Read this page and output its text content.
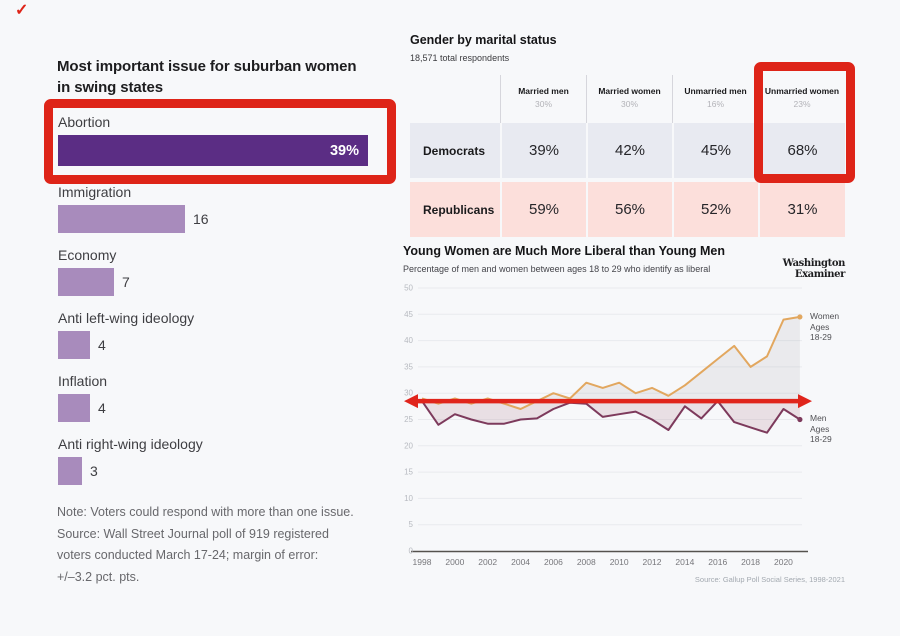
✓
Most important issue for suburban women
in swing states
Abortion
39%
Immigration
16
Economy
7
Anti left-wing ideology
4
Inflation
4
Anti right-wing ideology
3
Note: Voters could respond with more than one issue.
Source: Wall Street Journal poll of 919 registered
voters conducted March 17-24; margin of error:
+/–3.2 pct. pts.
Gender by marital status
18,571 total respondents
Married men
30%
Married women
30%
Unmarried men
16%
Unmarried women
23%
Democrats	39%	42%	45%	68%
Republicans	59%	56%	52%	31%
Young Women are Much More Liberal than Young Men
Percentage of men and women between ages 18 to 29 who identify as liberal	Washington Examiner
0
5
10
15
20
25
30
35
40
45
50
1998 2000 2002 2004 2006 2008 2010 2012 2014 2016 2018 2020
Women
Ages
18-29
Men
Ages
18-29
Source: Gallup Poll Social Series, 1998-2021
